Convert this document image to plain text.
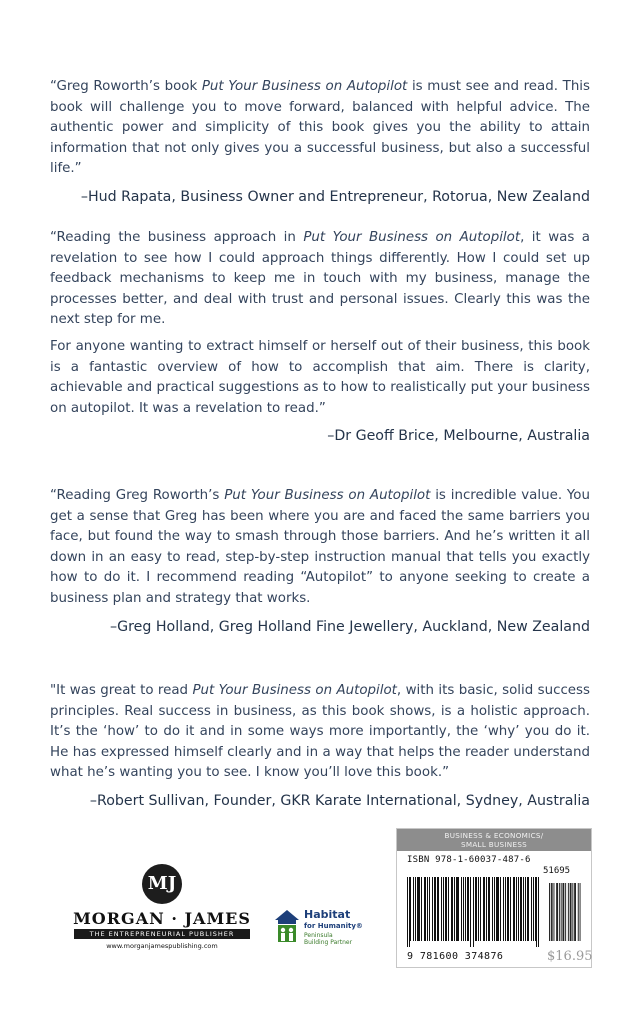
“Greg Roworth’s book Put Your Business on Autopilot is must see and read. This book will challenge you to move forward, balanced with helpful advice. The authentic power and simplicity of this book gives you the ability to attain information that not only gives you a successful business, but also a successful life.”

–Hud Rapata, Business Owner and Entrepreneur, Rotorua, New Zealand

“Reading the business approach in Put Your Business on Autopilot, it was a revelation to see how I could approach things differently. How I could set up feedback mechanisms to keep me in touch with my business, manage the processes better, and deal with trust and personal issues. Clearly this was the next step for me.

For anyone wanting to extract himself or herself out of their business, this book is a fantastic overview of how to accomplish that aim. There is clarity, achievable and practical suggestions as to how to realistically put your business on autopilot. It was a revelation to read.”

–Dr Geoff Brice, Melbourne, Australia

“Reading Greg Roworth’s Put Your Business on Autopilot is incredible value. You get a sense that Greg has been where you are and faced the same barriers you face, but found the way to smash through those barriers. And he’s written it all down in an easy to read, step-by-step instruction manual that tells you exactly how to do it. I recommend reading “Autopilot” to anyone seeking to create a business plan and strategy that works.

–Greg Holland, Greg Holland Fine Jewellery, Auckland, New Zealand

"It was great to read Put Your Business on Autopilot, with its basic, solid success principles. Real success in business, as this book shows, is a holistic approach. It’s the ‘how’ to do it and in some ways more importantly, the ‘why’ you do it. He has expressed himself clearly and in a way that helps the reader understand what he’s wanting you to see. I know you’ll love this book.”

–Robert Sullivan, Founder, GKR Karate International, Sydney, Australia
MJ
MORGAN · JAMES
THE ENTREPRENEURIAL PUBLISHER
www.morganjamespublishing.com
Habitat
for Humanity®
Peninsula
Building Partner
BUSINESS & ECONOMICS/
SMALL BUSINESS
ISBN 978-1-60037-487-6
51695
9 781600 374876	$16.95
